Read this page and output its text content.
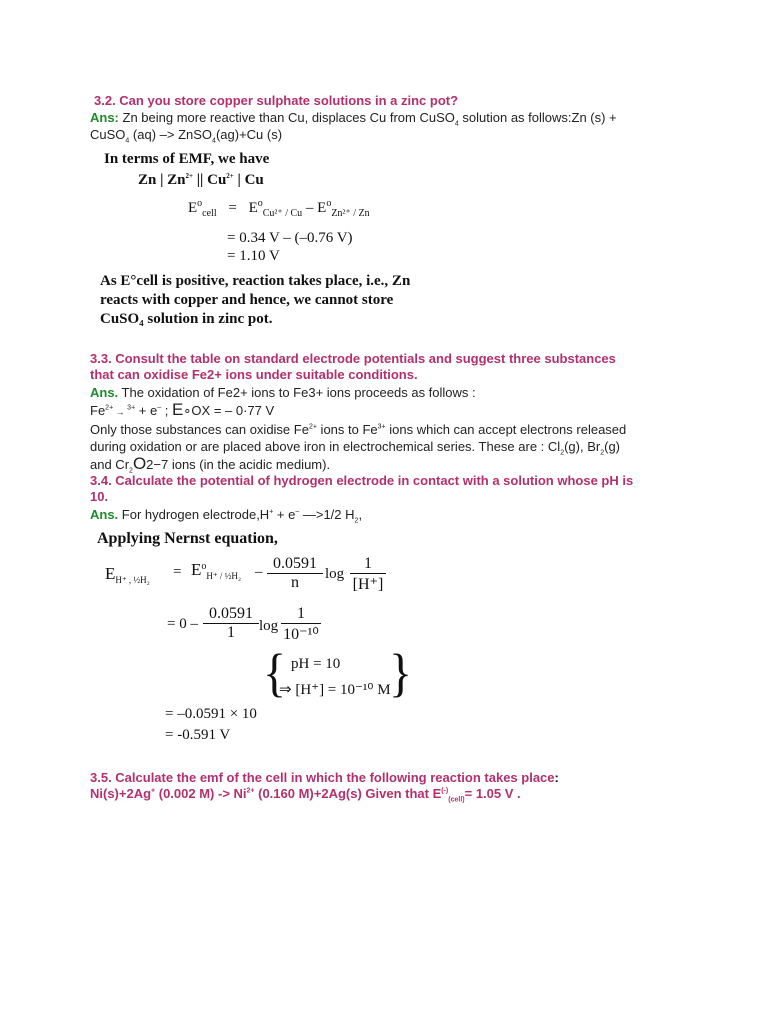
3.2. Can you store copper sulphate solutions in a zinc pot?
Ans: Zn being more reactive than Cu, displaces Cu from CuSO$_4$ solution as follows:Zn (s) +
CuSO$_4$ (aq) –> ZnSO$_4$(ag)+Cu (s)
In terms of EMF, we have
Zn | $Zn^{2+}$ || $Cu^{2+}$ | Cu
$E^o_{cell} = E^o_{Cu^{2+} / Cu} - E^o_{Zn^{2+} / Zn}$
= 0.34 V – (–0.76 V)
= 1.10 V
As E°cell is positive, reaction takes place, i.e., Zn
reacts with copper and hence, we cannot store
CuSO₄ solution in zinc pot.
3.3. Consult the table on standard electrode potentials and suggest three substances
that can oxidise Fe2+ ions under suitable conditions.
Ans. The oxidation of Fe2+ ions to Fe3+ ions proceeds as follows :
$Fe^{2+} \to ^{3+} + e^-$ ; E∘OX = – 0·77 V
Only those substances can oxidise $Fe^{2+}$ ions to $Fe^{3+}$ ions which can accept electrons released
during oxidation or are placed above iron in electrochemical series. These are : $Cl_2(g)$, $Br_2(g)$
and $Cr_2O2-7$ ions (in the acidic medium).
3.4. Calculate the potential of hydrogen electrode in contact with a solution whose pH is
10.
Ans. For hydrogen electrode,H+ + e– —>1/2 $H_2$,
Applying Nernst equation,
$E_{H^+ , \frac{1}{2}H_2} = E^o_{H^+ / \frac{1}{2}H_2} - \frac{0.0591}{n}$ $\log \frac{1}{[H^+]}$
= $0 - \frac{0.0591}{1}$ $\log \frac{1}{\text{10⁻¹⁰}}$
{ pH = 10
⇒ [H⁺] = 10⁻¹⁰ M
}
= –0.0591 × 10
= -0.591 V
3.5. Calculate the emf of the cell in which the following reaction takes place:
Ni(s)+2Ag+ (0.002 $M) -> Ni^{2+}$ (0.160 M)+2Ag(s) Given that $E^{(-)}_{(cell)}= 1.05$ V .
